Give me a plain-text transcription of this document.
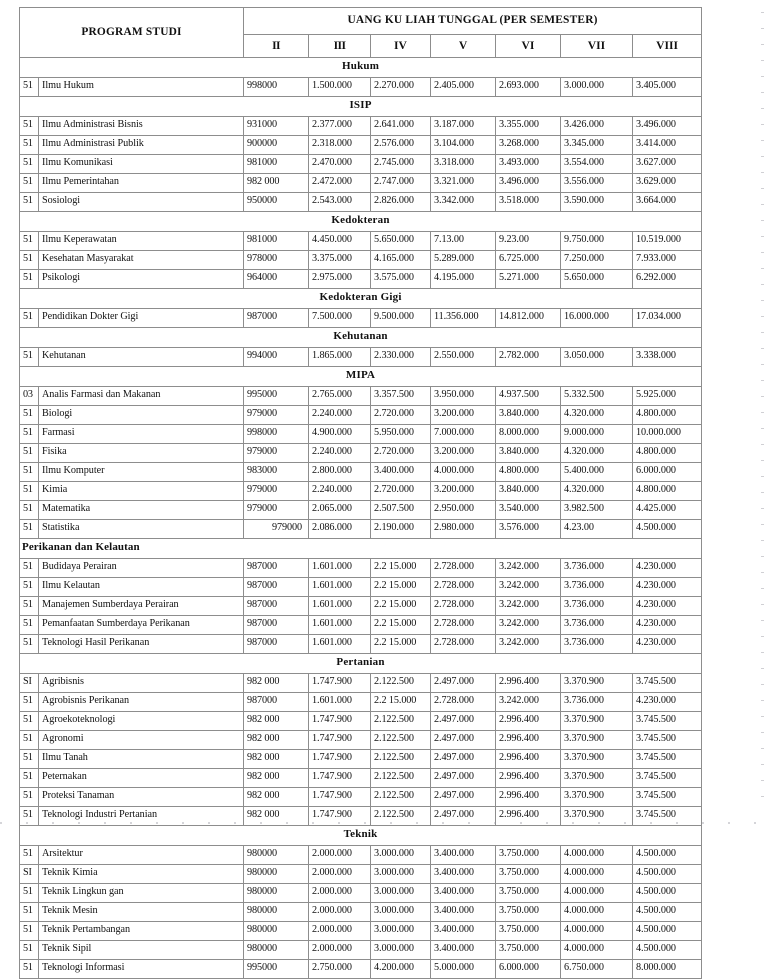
PROGRAM STUDI		UANG KU LIAH TUNGGAL (PER SEMESTER)						
		II	III	IV	V	VI	VII	VIII
Hukum								
51	Ilmu Hukum	998000	1.500.000	2.270.000	2.405.000	2.693.000	3.000.000	3.405.000
ISIP								
51	Ilmu Administrasi Bisnis	931000	2.377.000	2.641.000	3.187.000	3.355.000	3.426.000	3.496.000
51	Ilmu Administrasi Publik	900000	2.318.000	2.576.000	3.104.000	3.268.000	3.345.000	3.414.000
51	Ilmu Komunikasi	981000	2.470.000	2.745.000	3.318.000	3.493.000	3.554.000	3.627.000
51	Ilmu Pemerintahan	982 000	2.472.000	2.747.000	3.321.000	3.496.000	3.556.000	3.629.000
51	Sosiologi	950000	2.543.000	2.826.000	3.342.000	3.518.000	3.590.000	3.664.000
Kedokteran								
51	Ilmu Keperawatan	981000	4.450.000	5.650.000	7.13.00	9.23.00	9.750.000	10.519.000
51	Kesehatan Masyarakat	978000	3.375.000	4.165.000	5.289.000	6.725.000	7.250.000	7.933.000
51	Psikologi	964000	2.975.000	3.575.000	4.195.000	5.271.000	5.650.000	6.292.000
Kedokteran Gigi								
51	Pendidikan Dokter Gigi	987000	7.500.000	9.500.000	11.356.000	14.812.000	16.000.000	17.034.000
Kehutanan								
51	Kehutanan	994000	1.865.000	2.330.000	2.550.000	2.782.000	3.050.000	3.338.000
MIPA								
03	Analis Farmasi dan Makanan	995000	2.765.000	3.357.500	3.950.000	4.937.500	5.332.500	5.925.000
51	Biologi	979000	2.240.000	2.720.000	3.200.000	3.840.000	4.320.000	4.800.000
51	Farmasi	998000	4.900.000	5.950.000	7.000.000	8.000.000	9.000.000	10.000.000
51	Fisika	979000	2.240.000	2.720.000	3.200.000	3.840.000	4.320.000	4.800.000
51	Ilmu Komputer	983000	2.800.000	3.400.000	4.000.000	4.800.000	5.400.000	6.000.000
51	Kimia	979000	2.240.000	2.720.000	3.200.000	3.840.000	4.320.000	4.800.000
51	Matematika	979000	2.065.000	2.507.500	2.950.000	3.540.000	3.982.500	4.425.000
51	Statistika	979000	2.086.000	2.190.000	2.980.000	3.576.000	4.23.00	4.500.000
Perikanan dan Kelautan								
51	Budidaya Perairan	987000	1.601.000	2.2 15.000	2.728.000	3.242.000	3.736.000	4.230.000
51	Ilmu Kelautan	987000	1.601.000	2.2 15.000	2.728.000	3.242.000	3.736.000	4.230.000
51	Manajemen Sumberdaya Perairan	987000	1.601.000	2.2 15.000	2.728.000	3.242.000	3.736.000	4.230.000
51	Pemanfaatan Sumberdaya Perikanan	987000	1.601.000	2.2 15.000	2.728.000	3.242.000	3.736.000	4.230.000
51	Teknologi Hasil Perikanan	987000	1.601.000	2.2 15.000	2.728.000	3.242.000	3.736.000	4.230.000
Pertanian								
SI	Agribisnis	982 000	1.747.900	2.122.500	2.497.000	2.996.400	3.370.900	3.745.500
51	Agrobisnis Perikanan	987000	1.601.000	2.2 15.000	2.728.000	3.242.000	3.736.000	4.230.000
51	Agroekoteknologi	982 000	1.747.900	2.122.500	2.497.000	2.996.400	3.370.900	3.745.500
51	Agronomi	982 000	1.747.900	2.122.500	2.497.000	2.996.400	3.370.900	3.745.500
51	Ilmu Tanah	982 000	1.747.900	2.122.500	2.497.000	2.996.400	3.370.900	3.745.500
51	Peternakan	982 000	1.747.900	2.122.500	2.497.000	2.996.400	3.370.900	3.745.500
51	Proteksi Tanaman	982 000	1.747.900	2.122.500	2.497.000	2.996.400	3.370.900	3.745.500
51	Teknologi Industri Pertanian	982 000	1.747.900	2.122.500	2.497.000	2.996.400	3.370.900	3.745.500
Teknik								
51	Arsitektur	980000	2.000.000	3.000.000	3.400.000	3.750.000	4.000.000	4.500.000
SI	Teknik Kimia	980000	2.000.000	3.000.000	3.400.000	3.750.000	4.000.000	4.500.000
51	Teknik Lingkun gan	980000	2.000.000	3.000.000	3.400.000	3.750.000	4.000.000	4.500.000
51	Teknik Mesin	980000	2.000.000	3.000.000	3.400.000	3.750.000	4.000.000	4.500.000
51	Teknik Pertambangan	980000	2.000.000	3.000.000	3.400.000	3.750.000	4.000.000	4.500.000
51	Teknik Sipil	980000	2.000.000	3.000.000	3.400.000	3.750.000	4.000.000	4.500.000
51	Teknologi Informasi	995000	2.750.000	4.200.000	5.000.000	6.000.000	6.750.000	8.000.000
